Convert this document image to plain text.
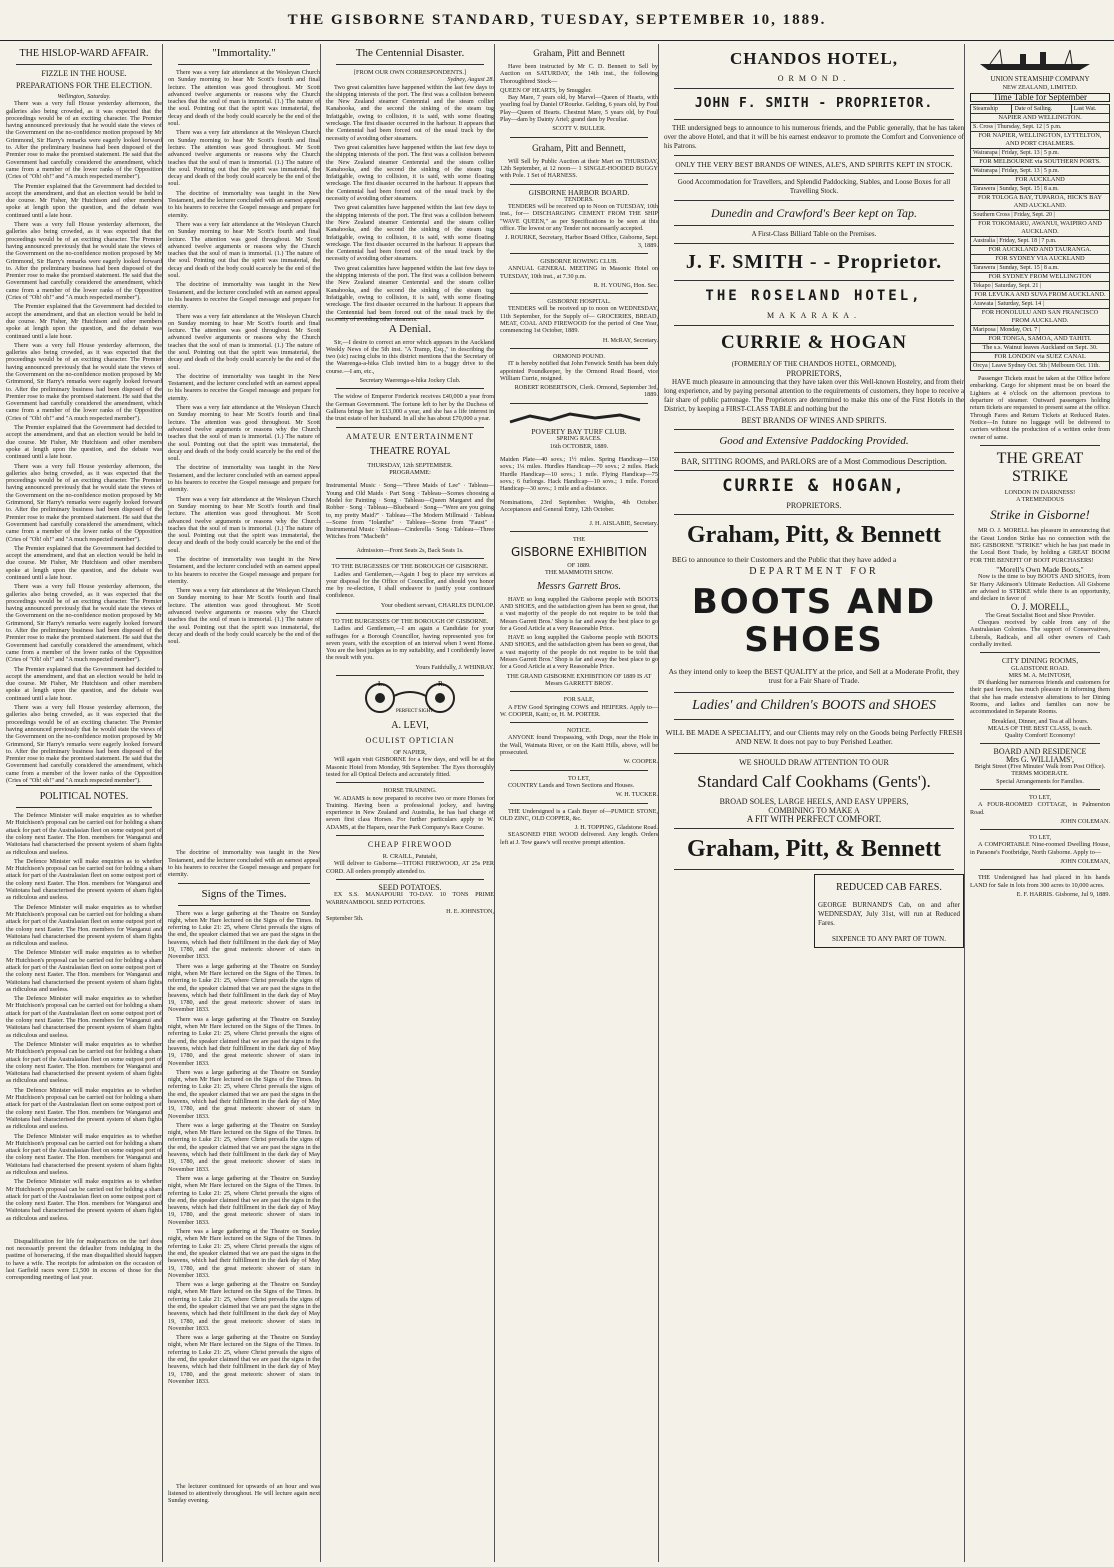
THE GISBORNE STANDARD, TUESDAY, SEPTEMBER 10, 1889.
THE HISLOP-WARD AFFAIR.
FIZZLE IN THE HOUSE.
PREPARATIONS FOR THE ELECTION.
Wellington, Saturday.

There was a very full House yesterday afternoon, the galleries also being crowded, as it was expected that the proceedings would be of an exciting character. The Premier having announced previously that he would state the views of the Government on the no-confidence motion proposed by Mr Grimmond, Sir Harry's remarks were eagerly looked forward to. After the preliminary business had been disposed of the Premier rose to make the promised statement. He said that the Government had carefully considered the amendment, which came from a member of the lower ranks of the Opposition (Cries of "Oh! oh!" and "A much respected member").

The Premier explained that the Government had decided to accept the amendment, and that an election would be held in due course. Mr Fisher, Mr Hutchison and other members spoke at length upon the question, and the debate was continued until a late hour.

There was a very full House yesterday afternoon, the galleries also being crowded, as it was expected that the proceedings would be of an exciting character. The Premier having announced previously that he would state the views of the Government on the no-confidence motion proposed by Mr Grimmond, Sir Harry's remarks were eagerly looked forward to. After the preliminary business had been disposed of the Premier rose to make the promised statement. He said that the Government had carefully considered the amendment, which came from a member of the lower ranks of the Opposition (Cries of "Oh! oh!" and "A much respected member").

The Premier explained that the Government had decided to accept the amendment, and that an election would be held in due course. Mr Fisher, Mr Hutchison and other members spoke at length upon the question, and the debate was continued until a late hour.

There was a very full House yesterday afternoon, the galleries also being crowded, as it was expected that the proceedings would be of an exciting character. The Premier having announced previously that he would state the views of the Government on the no-confidence motion proposed by Mr Grimmond, Sir Harry's remarks were eagerly looked forward to. After the preliminary business had been disposed of the Premier rose to make the promised statement. He said that the Government had carefully considered the amendment, which came from a member of the lower ranks of the Opposition (Cries of "Oh! oh!" and "A much respected member").

The Premier explained that the Government had decided to accept the amendment, and that an election would be held in due course. Mr Fisher, Mr Hutchison and other members spoke at length upon the question, and the debate was continued until a late hour.

There was a very full House yesterday afternoon, the galleries also being crowded, as it was expected that the proceedings would be of an exciting character. The Premier having announced previously that he would state the views of the Government on the no-confidence motion proposed by Mr Grimmond, Sir Harry's remarks were eagerly looked forward to. After the preliminary business had been disposed of the Premier rose to make the promised statement. He said that the Government had carefully considered the amendment, which came from a member of the lower ranks of the Opposition (Cries of "Oh! oh!" and "A much respected member").

The Premier explained that the Government had decided to accept the amendment, and that an election would be held in due course. Mr Fisher, Mr Hutchison and other members spoke at length upon the question, and the debate was continued until a late hour.

There was a very full House yesterday afternoon, the galleries also being crowded, as it was expected that the proceedings would be of an exciting character. The Premier having announced previously that he would state the views of the Government on the no-confidence motion proposed by Mr Grimmond, Sir Harry's remarks were eagerly looked forward to. After the preliminary business had been disposed of the Premier rose to make the promised statement. He said that the Government had carefully considered the amendment, which came from a member of the lower ranks of the Opposition (Cries of "Oh! oh!" and "A much respected member").

The Premier explained that the Government had decided to accept the amendment, and that an election would be held in due course. Mr Fisher, Mr Hutchison and other members spoke at length upon the question, and the debate was continued until a late hour.

There was a very full House yesterday afternoon, the galleries also being crowded, as it was expected that the proceedings would be of an exciting character. The Premier having announced previously that he would state the views of the Government on the no-confidence motion proposed by Mr Grimmond, Sir Harry's remarks were eagerly looked forward to. After the preliminary business had been disposed of the Premier rose to make the promised statement. He said that the Government had carefully considered the amendment, which came from a member of the lower ranks of the Opposition (Cries of "Oh! oh!" and "A much respected member").

POLITICAL NOTES.

The Defence Minister will make enquiries as to whether Mr Hutchison's proposal can be carried out for holding a sham attack for part of the Australasian fleet on some outpost port of the colony next Easter. The Hon. members for Wanganui and Waitotara had characterised the present system of sham fights as ridiculous and useless.

The Defence Minister will make enquiries as to whether Mr Hutchison's proposal can be carried out for holding a sham attack for part of the Australasian fleet on some outpost port of the colony next Easter. The Hon. members for Wanganui and Waitotara had characterised the present system of sham fights as ridiculous and useless.

The Defence Minister will make enquiries as to whether Mr Hutchison's proposal can be carried out for holding a sham attack for part of the Australasian fleet on some outpost port of the colony next Easter. The Hon. members for Wanganui and Waitotara had characterised the present system of sham fights as ridiculous and useless.

The Defence Minister will make enquiries as to whether Mr Hutchison's proposal can be carried out for holding a sham attack for part of the Australasian fleet on some outpost port of the colony next Easter. The Hon. members for Wanganui and Waitotara had characterised the present system of sham fights as ridiculous and useless.

The Defence Minister will make enquiries as to whether Mr Hutchison's proposal can be carried out for holding a sham attack for part of the Australasian fleet on some outpost port of the colony next Easter. The Hon. members for Wanganui and Waitotara had characterised the present system of sham fights as ridiculous and useless.

The Defence Minister will make enquiries as to whether Mr Hutchison's proposal can be carried out for holding a sham attack for part of the Australasian fleet on some outpost port of the colony next Easter. The Hon. members for Wanganui and Waitotara had characterised the present system of sham fights as ridiculous and useless.

The Defence Minister will make enquiries as to whether Mr Hutchison's proposal can be carried out for holding a sham attack for part of the Australasian fleet on some outpost port of the colony next Easter. The Hon. members for Wanganui and Waitotara had characterised the present system of sham fights as ridiculous and useless.

The Defence Minister will make enquiries as to whether Mr Hutchison's proposal can be carried out for holding a sham attack for part of the Australasian fleet on some outpost port of the colony next Easter. The Hon. members for Wanganui and Waitotara had characterised the present system of sham fights as ridiculous and useless.

The Defence Minister will make enquiries as to whether Mr Hutchison's proposal can be carried out for holding a sham attack for part of the Australasian fleet on some outpost port of the colony next Easter. The Hon. members for Wanganui and Waitotara had characterised the present system of sham fights as ridiculous and useless.

Disqualification for life for malpractices on the turf does not necessarily prevent the defaulter from indulging in the pastime of horseracing, if the man disqualified should happen to have a wife. The receipts for admission on the occasion of last Garfield races were £1,500 in excess of those for the corresponding meeting of last year.

"Immortality."

There was a very fair attendance at the Wesleyan Church on Sunday morning to hear Mr Scott's fourth and final lecture. The attention was good throughout. Mr Scott advanced twelve arguments or reasons why the Church teaches that the soul of man is immortal. (1.) The nature of the soul. Pointing out that the spirit was immaterial, the decay and death of the body could scarcely be the end of the soul.

There was a very fair attendance at the Wesleyan Church on Sunday morning to hear Mr Scott's fourth and final lecture. The attention was good throughout. Mr Scott advanced twelve arguments or reasons why the Church teaches that the soul of man is immortal. (1.) The nature of the soul. Pointing out that the spirit was immaterial, the decay and death of the body could scarcely be the end of the soul.

The doctrine of immortality was taught in the New Testament, and the lecturer concluded with an earnest appeal to his hearers to receive the Gospel message and prepare for eternity.

There was a very fair attendance at the Wesleyan Church on Sunday morning to hear Mr Scott's fourth and final lecture. The attention was good throughout. Mr Scott advanced twelve arguments or reasons why the Church teaches that the soul of man is immortal. (1.) The nature of the soul. Pointing out that the spirit was immaterial, the decay and death of the body could scarcely be the end of the soul.

The doctrine of immortality was taught in the New Testament, and the lecturer concluded with an earnest appeal to his hearers to receive the Gospel message and prepare for eternity.

There was a very fair attendance at the Wesleyan Church on Sunday morning to hear Mr Scott's fourth and final lecture. The attention was good throughout. Mr Scott advanced twelve arguments or reasons why the Church teaches that the soul of man is immortal. (1.) The nature of the soul. Pointing out that the spirit was immaterial, the decay and death of the body could scarcely be the end of the soul.

The doctrine of immortality was taught in the New Testament, and the lecturer concluded with an earnest appeal to his hearers to receive the Gospel message and prepare for eternity.

There was a very fair attendance at the Wesleyan Church on Sunday morning to hear Mr Scott's fourth and final lecture. The attention was good throughout. Mr Scott advanced twelve arguments or reasons why the Church teaches that the soul of man is immortal. (1.) The nature of the soul. Pointing out that the spirit was immaterial, the decay and death of the body could scarcely be the end of the soul.

The doctrine of immortality was taught in the New Testament, and the lecturer concluded with an earnest appeal to his hearers to receive the Gospel message and prepare for eternity.

There was a very fair attendance at the Wesleyan Church on Sunday morning to hear Mr Scott's fourth and final lecture. The attention was good throughout. Mr Scott advanced twelve arguments or reasons why the Church teaches that the soul of man is immortal. (1.) The nature of the soul. Pointing out that the spirit was immaterial, the decay and death of the body could scarcely be the end of the soul.

The doctrine of immortality was taught in the New Testament, and the lecturer concluded with an earnest appeal to his hearers to receive the Gospel message and prepare for eternity.

There was a very fair attendance at the Wesleyan Church on Sunday morning to hear Mr Scott's fourth and final lecture. The attention was good throughout. Mr Scott advanced twelve arguments or reasons why the Church teaches that the soul of man is immortal. (1.) The nature of the soul. Pointing out that the spirit was immaterial, the decay and death of the body could scarcely be the end of the soul.

The doctrine of immortality was taught in the New Testament, and the lecturer concluded with an earnest appeal to his hearers to receive the Gospel message and prepare for eternity.

Signs of the Times.

There was a large gathering at the Theatre on Sunday night, when Mr Hare lectured on the Signs of the Times. In referring to Luke 21: 25, where Christ prevails the signs of the end, the speaker claimed that we are past the signs in the heavens, which had their fulfillment in the dark day of May 19, 1780, and the great meteoric shower of stars in November 1833.

There was a large gathering at the Theatre on Sunday night, when Mr Hare lectured on the Signs of the Times. In referring to Luke 21: 25, where Christ prevails the signs of the end, the speaker claimed that we are past the signs in the heavens, which had their fulfillment in the dark day of May 19, 1780, and the great meteoric shower of stars in November 1833.

There was a large gathering at the Theatre on Sunday night, when Mr Hare lectured on the Signs of the Times. In referring to Luke 21: 25, where Christ prevails the signs of the end, the speaker claimed that we are past the signs in the heavens, which had their fulfillment in the dark day of May 19, 1780, and the great meteoric shower of stars in November 1833.

There was a large gathering at the Theatre on Sunday night, when Mr Hare lectured on the Signs of the Times. In referring to Luke 21: 25, where Christ prevails the signs of the end, the speaker claimed that we are past the signs in the heavens, which had their fulfillment in the dark day of May 19, 1780, and the great meteoric shower of stars in November 1833.

There was a large gathering at the Theatre on Sunday night, when Mr Hare lectured on the Signs of the Times. In referring to Luke 21: 25, where Christ prevails the signs of the end, the speaker claimed that we are past the signs in the heavens, which had their fulfillment in the dark day of May 19, 1780, and the great meteoric shower of stars in November 1833.

There was a large gathering at the Theatre on Sunday night, when Mr Hare lectured on the Signs of the Times. In referring to Luke 21: 25, where Christ prevails the signs of the end, the speaker claimed that we are past the signs in the heavens, which had their fulfillment in the dark day of May 19, 1780, and the great meteoric shower of stars in November 1833.

There was a large gathering at the Theatre on Sunday night, when Mr Hare lectured on the Signs of the Times. In referring to Luke 21: 25, where Christ prevails the signs of the end, the speaker claimed that we are past the signs in the heavens, which had their fulfillment in the dark day of May 19, 1780, and the great meteoric shower of stars in November 1833.

There was a large gathering at the Theatre on Sunday night, when Mr Hare lectured on the Signs of the Times. In referring to Luke 21: 25, where Christ prevails the signs of the end, the speaker claimed that we are past the signs in the heavens, which had their fulfillment in the dark day of May 19, 1780, and the great meteoric shower of stars in November 1833.

There was a large gathering at the Theatre on Sunday night, when Mr Hare lectured on the Signs of the Times. In referring to Luke 21: 25, where Christ prevails the signs of the end, the speaker claimed that we are past the signs in the heavens, which had their fulfillment in the dark day of May 19, 1780, and the great meteoric shower of stars in November 1833.

The lecturer continued for upwards of an hour and was listened to attentively throughout. He will lecture again next Sunday evening.

The Centennial Disaster.
[FROM OUR OWN CORRESPONDENTS.]
Sydney, August 28.

Two great calamities have happened within the last few days to the shipping interests of the port. The first was a collision between the New Zealand steamer Centennial and the steam collier Kanahooka, and the second the sinking of the steam tug Infatigable, owing to collision, it is said, with some floating wreckage. The first disaster occurred in the harbour. It appears that the Centennial had been forced out of the usual track by the necessity of avoiding other steamers.

Two great calamities have happened within the last few days to the shipping interests of the port. The first was a collision between the New Zealand steamer Centennial and the steam collier Kanahooka, and the second the sinking of the steam tug Infatigable, owing to collision, it is said, with some floating wreckage. The first disaster occurred in the harbour. It appears that the Centennial had been forced out of the usual track by the necessity of avoiding other steamers.

Two great calamities have happened within the last few days to the shipping interests of the port. The first was a collision between the New Zealand steamer Centennial and the steam collier Kanahooka, and the second the sinking of the steam tug Infatigable, owing to collision, it is said, with some floating wreckage. The first disaster occurred in the harbour. It appears that the Centennial had been forced out of the usual track by the necessity of avoiding other steamers.

Two great calamities have happened within the last few days to the shipping interests of the port. The first was a collision between the New Zealand steamer Centennial and the steam collier Kanahooka, and the second the sinking of the steam tug Infatigable, owing to collision, it is said, with some floating wreckage. The first disaster occurred in the harbour. It appears that the Centennial had been forced out of the usual track by the necessity of avoiding other steamers.

A Denial.

Sir,—I desire to correct an error which appears in the Auckland Weekly News of the 5th inst. "A Tramp, Esq.," in describing the two (sic) racing clubs in this district mentions that the Secretary of the Waerenga-a-hika Club invited him to a buggy drive to the course.—I am, etc.,

Secretary Waerenga-a-hika Jockey Club.

The widow of Emperor Frederick receives £40,000 a year from the German Government. The fortune left to her by the Duchess of Galliera brings her in £13,000 a year, and she has a life interest in the trust estate of her husband. In all she has about £70,000 a year.

AMATEUR ENTERTAINMENT
THEATRE ROYAL
THURSDAY, 12th SEPTEMBER.
PROGRAMME:

Instrumental Music · Song—"Three Maids of Lee" · Tableau—Young and Old Maids · Part Song · Tableau—Scenes choosing a Model for Painting · Song · Tableau—Queen Margaret and the Robber · Song · Tableau—Bluebeard · Song—"Were are you going to, my pretty Maid?" · Tableau—The Modern Millmaid · Tableau—Scene from "Iolanthe" · Tableau—Scene from "Faust" · Instrumental Music · Tableau—Cinderella · Song · Tableau—Three Witches from "Macbeth"

Admission—Front Seats 2s, Back Seats 1s.
TO THE BURGESSES OF THE BOROUGH OF GISBORNE.

Ladies and Gentlemen,—Again I beg to place my services at your disposal for the Office of Councillor, and should you honor me by re-election, I shall endeavor to justify your continued confidence.

Your obedient servant, CHARLES DUNLOP.
TO THE BURGESSES OF THE BOROUGH OF GISBORNE.

Ladies and Gentlemen,—I am again a Candidate for your suffrages for a Borough Councillor, having represented you for seven years, with the exception of an interval when I went Home. You are the best judges as to my suitability, and I confidently leave the result with you.

Yours Faithfully, J. WHINRAY.
L.	R.
PERFECT SIGHT
A. LEVI,
OCULIST OPTICIAN
OF NAPIER,

Will again visit GISBORNE for a few days, and will be at the Masonic Hotel from Monday, 9th September. The Eyes thoroughly tested for all Optical Defects and accurately fitted.

HORSE TRAINING.

W. ADAMS is now prepared to receive two or more Horses for Training. Having been a professional jockey, and having experience in New Zealand and Australia, he has had charge of seven first class Horses. For further particulars apply to W. ADAMS, at the Haparu, near the Park Company's Race Course.

CHEAP FIREWOOD
R. CRAILL, Patutahi,

Will deliver to Gisborne—TITOKI FIREWOOD, AT 25s PER CORD. All orders promptly attended to.

SEED POTATOES.

EX S.S. MANAPOURI TO-DAY. 10 TONS PRIME WARRNAMBOOL SEED POTATOES.

H. E. JOHNSTON,
September 5th.
Graham, Pitt and Bennett

Have been instructed by Mr C. D. Bennett to Sell by Auction on SATURDAY, the 14th inst., the following Thoroughbred Stock—

QUEEN OF HEARTS, by Smuggler.

Bay Mare, 7 years old, by Marvel—Queen of Hearts, with yearling foal by Daniel O'Rourke. Gelding, 6 years old, by Foul Play—Queen of Hearts. Chestnut Mare, 5 years old, by Foul Play—dam by Dainty Ariel; grand dam by Peculiar.

SCOTT V. BULLER.
Graham, Pitt and Bennett,

Will Sell by Public Auction at their Mart on THURSDAY, 12th September, at 12 noon— 1 SINGLE-HOODED BUGGY with Pole. 1 Set of HARNESS.

GISBORNE HARBOR BOARD.
TENDERS.

TENDERS will be received up to Noon on TUESDAY, 10th inst., for— DISCHARGING CEMENT FROM THE SHIP "WAVE QUEEN," as per Specifications to be seen at this office. The lowest or any Tender not necessarily accepted.

J. ROURKE, Secretary, Harbor Board Office, Gisborne, Sept. 3, 1889.
GISBORNE ROWING CLUB.

ANNUAL GENERAL MEETING in Masonic Hotel on TUESDAY, 10th inst., at 7.30 p.m.

R. H. YOUNG, Hon. Sec.
GISBORNE HOSPITAL.

TENDERS will be received up to noon on WEDNESDAY, 11th September, for the Supply of— GROCERIES, BREAD, MEAT, COAL AND FIREWOOD for the period of One Year, commencing 1st October, 1889.

H. McRAY, Secretary.
ORMOND POUND.

IT is hereby notified that John Fenwick Smith has been duly appointed Poundkeeper, by the Ormond Road Board, vice William Currie, resigned.

ROBERT ROBERTSON, Clerk. Ormond, September 3rd, 1889.
POVERTY BAY TURF CLUB.
SPRING RACES.
16th OCTOBER, 1889.

Maiden Plate—40 sovs.; 1½ miles. Spring Handicap—150 sovs.; 1¼ miles. Hurdles Handicap—70 sovs.; 2 miles. Hack Hurdle Handicap—10 sovs.; 1 mile. Flying Handicap—75 sovs.; 6 furlongs. Hack Handicap—10 sovs.; 1 mile. Forced Handicap—30 sovs.; 1 mile and a distance.

Nominations, 23rd September. Weights, 4th October. Acceptances and General Entry, 12th October.

J. H. AISLABIE, Secretary.
THE
GISBORNE EXHIBITION
OF 1889.
THE MAMMOTH SHOW.
Messrs Garrett Bros.

HAVE so long supplied the Gisborne people with BOOTS AND SHOES, and the satisfaction given has been so great, that a vast majority of the people do not require to be told that Messrs Garrett Bros.' Shop is far and away the best place to go for a Good Article at a very Reasonable Price.

HAVE so long supplied the Gisborne people with BOOTS AND SHOES, and the satisfaction given has been so great, that a vast majority of the people do not require to be told that Messrs Garrett Bros.' Shop is far and away the best place to go for a Good Article at a very Reasonable Price.

THE GRAND GISBORNE EXHIBITION OF 1889 IS AT Messrs GARRETT BROS'.
FOR SALE,

A FEW Good Springing COWS and HEIFERS. Apply to— W. COOPER, Kaiti; or, H. M. PORTER.

NOTICE.

ANYONE found Trespassing, with Dogs, near the Hole in the Wall, Waimata River, or on the Kaiti Hills, above, will be prosecuted.

W. COOPER.
TO LET,

COUNTRY Lands and Town Sections and Houses.

W. H. TUCKER.

THE Undersigned is a Cash Buyer of—PUMICE STONE, OLD ZINC, OLD COPPER, &c.

J. H. TOPPING, Gladstone Road.

SEASONED FIRE WOOD delivered. Any length. Orders left at J. Tow gaaw's will receive prompt attention.

CHANDOS HOTEL,
ORMOND.
JOHN F. SMITH - PROPRIETOR.

THE undersigned begs to announce to his numerous friends, and the Public generally, that he has taken over the above Hotel, and that it will be his earnest endeavor to promote the Comfort and Convenience of his Patrons.

ONLY THE VERY BEST BRANDS OF WINES, ALE'S, AND SPIRITS KEPT IN STOCK.
Good Accommodation for Travellers, and Splendid Paddocking, Stables, and Loose Boxes for all Travelling Stock.
Dunedin and Crawford's Beer kept on Tap.
A First-Class Billiard Table on the Premises.
J. F. SMITH - - Proprietor.
THE ROSELAND HOTEL,
MAKARAKA.
CURRIE & HOGAN
(FORMERLY OF THE CHANDOS HOTEL, ORMOND),
PROPRIETORS,

HAVE much pleasure in announcing that they have taken over this Well-known Hostelry, and from their long experience, and by paying personal attention to the requirements of customers, they hope to receive a fair share of public patronage. The Proprietors are determined to make this one of the First Hotels in the District, by keeping a FIRST-CLASS TABLE and nothing but the

BEST BRANDS OF WINES AND SPIRITS.
Good and Extensive Paddocking Provided.
BAR, SITTING ROOMS, and PARLORS are of a Most Commodious Description.
CURRIE & HOGAN,
PROPRIETORS.
Graham, Pitt, & Bennett

BEG to announce to their Customers and the Public that they have added a

DEPARTMENT FOR
BOOTS AND SHOES

As they intend only to keep the BEST QUALITY at the price, and Sell at a Moderate Profit, they trust for a Fair Share of Trade.

Ladies' and Children's BOOTS and SHOES

WILL BE MADE A SPECIALITY, and our Clients may rely on the Goods being Perfectly FRESH AND NEW. It does not pay to buy Perished Leather.

WE SHOULD DRAW ATTENTION TO OUR
Standard Calf Cookhams (Gents').
BROAD SOLES, LARGE HEELS, AND EASY UPPERS,
COMBINING TO MAKE A
A FIT WITH PERFECT COMFORT.
Graham, Pitt, & Bennett
REDUCED CAB FARES.

GEORGE BURNAND'S Cab, on and after WEDNESDAY, July 31st, will run at Reduced Fares.

SIXPENCE TO ANY PART OF TOWN.
UNION STEAMSHIP COMPANY
NEW ZEALAND, LIMITED.
Time Table for September
Steamship	Date of Sailing.	Last Wat.
NAPIER AND WELLINGTON.
S. Cross | Thursday, Sept. 12 | 5 p.m.
FOR NAPIER, WELLINGTON, LYTTELTON, AND PORT CHALMERS.
Wairarapa | Friday, Sept. 13 | 5 p.m.
FOR MELBOURNE via SOUTHERN PORTS.
Wairarapa | Friday, Sept. 13 | 5 p.m.
FOR AUCKLAND
Tarawera | Sunday, Sept. 15 | 8 a.m.
FOR TOLOGA BAY, TUPAROA, HICK'S BAY AND AUCKLAND.
Southern Cross | Friday, Sept. 20 |
FOR TOKOMARU, AWANUI, WAIPIRO AND AUCKLAND.
Australia | Friday, Sept. 18 | 7 p.m.
FOR AUCKLAND AND TAURANGA.
FOR SYDNEY VIA AUCKLAND
Tarawera | Sunday, Sept. 15 | 8 a.m.
FOR SYDNEY FROM WELLINGTON
Tekapo | Saturday, Sept. 21 |
FOR LEVUKA AND SUVA FROM AUCKLAND.
Arawata | Saturday, Sept. 14 |
FOR HONOLULU AND SAN FRANCISCO FROM AUCKLAND.
Mariposa | Monday, Oct. 7 |
FOR TONGA, SAMOA, AND TAHITI.
The s.s. Wainui leaves Auckland on Sept. 30.
FOR LONDON via SUEZ CANAL
Orcya | Leave Sydney Oct. 5th | Melbourn Oct. 11th.

Passenger Tickets must be taken at the Office before embarking. Cargo for shipment must be on board the Lighters at 4 o'clock on the afternoon previous to departure of steamer. Outward passengers holding return tickets are requested to present same at the office. Through Fares and Return Tickets at Reduced Rates. Notice—In future no luggage will be delivered to carriers without the production of a written order from owner of same.

THE GREAT STRIKE
LONDON IN DARKNESS!
A TREMENDOUS
Strike in Gisborne!

MR O. J. MORELL has pleasure in announcing that the Great London Strike has no connection with the BIG GISBORNE "STRIKE" which he has just made in the Local Boot Trade, by holding a GREAT BOOM FOR THE BENEFIT OF BOOT PURCHASERS!

"Morell's Own Made Boots,"

Now is the time to buy BOOTS AND SHOES, from Sir Harry Atkinson's Ultimate Reduction. All Gisborne are advised to STRIKE while there is an opportunity, and declare in favor of

O. J. MORELL,
The Great Socialist Boot and Shoe Provider.

Cheques received by cable from any of the Australasian Colonies. The support of Conservatives, Liberals, Radicals, and all other owners of Cash cordially invited.

CITY DINING ROOMS,
GLADSTONE ROAD.
MRS M. A. McINTOSH,

IN thanking her numerous friends and customers for their past favors, has much pleasure in informing them that she has made extensive alterations to her Dining Rooms, and ladies and families can now be accommodated in Separate Rooms.

Breakfast, Dinner, and Tea at all hours.
MEALS OF THE BEST CLASS, 1s each.
Quality Comfort! Economy!
BOARD AND RESIDENCE
Mrs G. WILLIAMS',
Bright Street (Five Minutes' Walk from Post Office).
TERMS MODERATE.
Special Arrangements for Families.
TO LET,

A FOUR-ROOMED COTTAGE, in Palmerston Road.

JOHN COLEMAN.
TO LET,

A COMFORTABLE Nine-roomed Dwelling House, in Paraone's Footbridge, North Gisborne. Apply to—

JOHN COLEMAN,

THE Undersigned has had placed in his hands LAND for Sale in lots from 300 acres to 10,000 acres.

E. F. HARRIS. Gisborne, Jul 9, 1889.
